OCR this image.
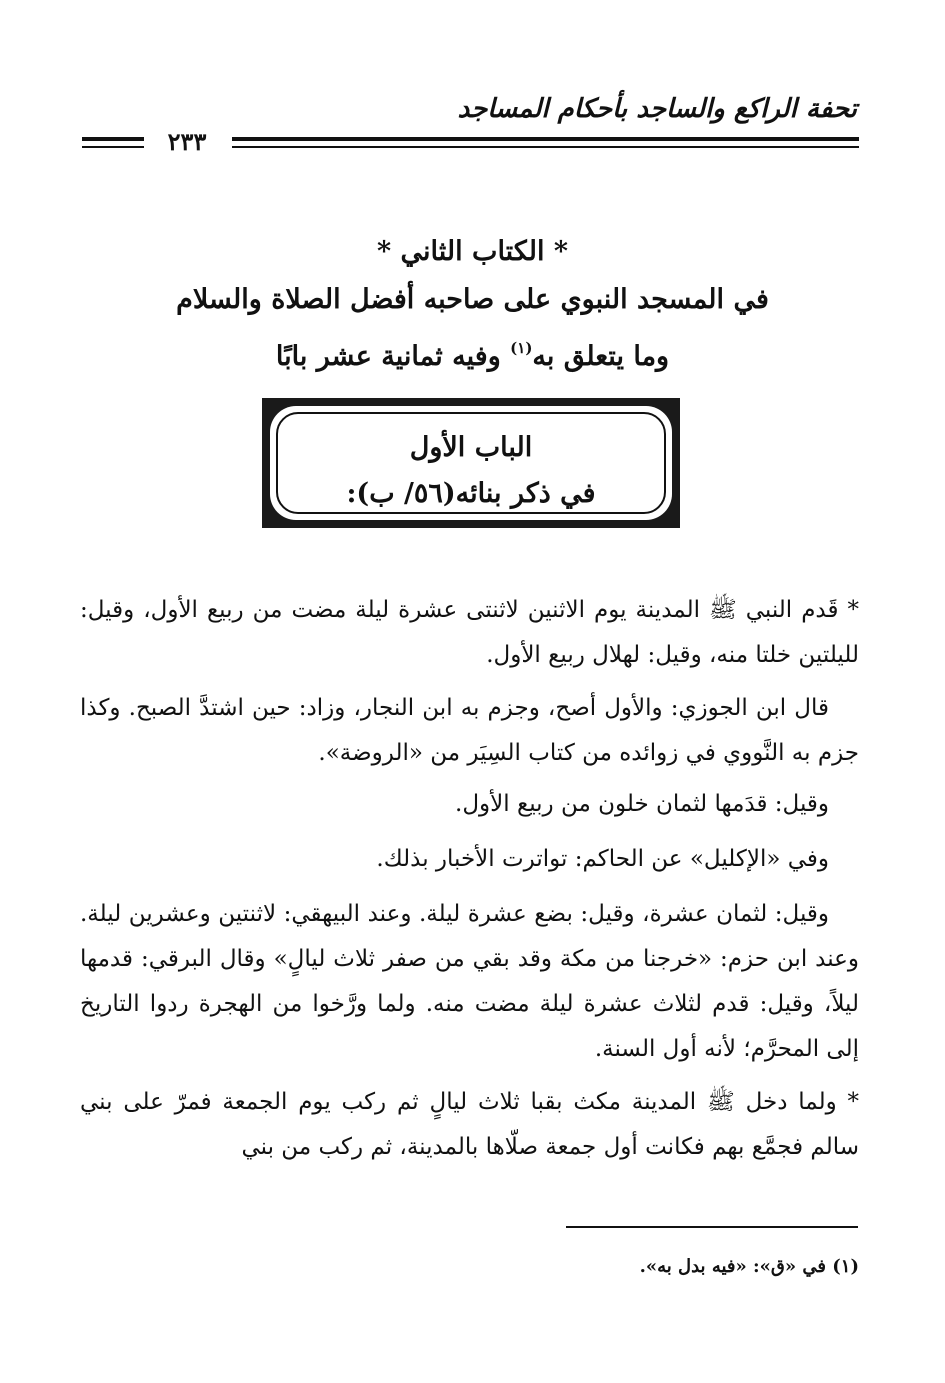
تحفة الراكع والساجد بأحكام المساجد
٢٣٣
* الكتاب الثاني *
في المسجد النبوي على صاحبه أفضل الصلاة والسلام
وما يتعلق به$^{(١)}$ وفيه ثمانية عشر بابًا
الباب الأول
في ذكر بنائه(٥٦/ ب):

* قَدم النبي ﷺ المدينة يوم الاثنين لاثنتى عشرة ليلة مضت من ربيع الأول، وقيل: لليلتين خلتا منه، وقيل: لهلال ربيع الأول.

قال ابن الجوزي: والأول أصح، وجزم به ابن النجار، وزاد: حين اشتدَّ الصبح. وكذا جزم به النَّووي في زوائده من كتاب السِيَر من «الروضة».

وقيل: قدَمها لثمان خلون من ربيع الأول.

وفي «الإكليل» عن الحاكم: تواترت الأخبار بذلك.

وقيل: لثمان عشرة، وقيل: بضع عشرة ليلة. وعند البيهقي: لاثنتين وعشرين ليلة. وعند ابن حزم: «خرجنا من مكة وقد بقي من صفر ثلاث ليالٍ» وقال البرقي: قدمها ليلاً، وقيل: قدم لثلاث عشرة ليلة مضت منه. ولما ورَّخوا من الهجرة ردوا التاريخ إلى المحرَّم؛ لأنه أول السنة.

* ولما دخل ﷺ المدينة مكث بقبا ثلاث ليالٍ ثم ركب يوم الجمعة فمرّ على بني سالم فجمَّع بهم فكانت أول جمعة صلّاها بالمدينة، ثم ركب من بني

(١) في «ق»: «فيه بدل به».
